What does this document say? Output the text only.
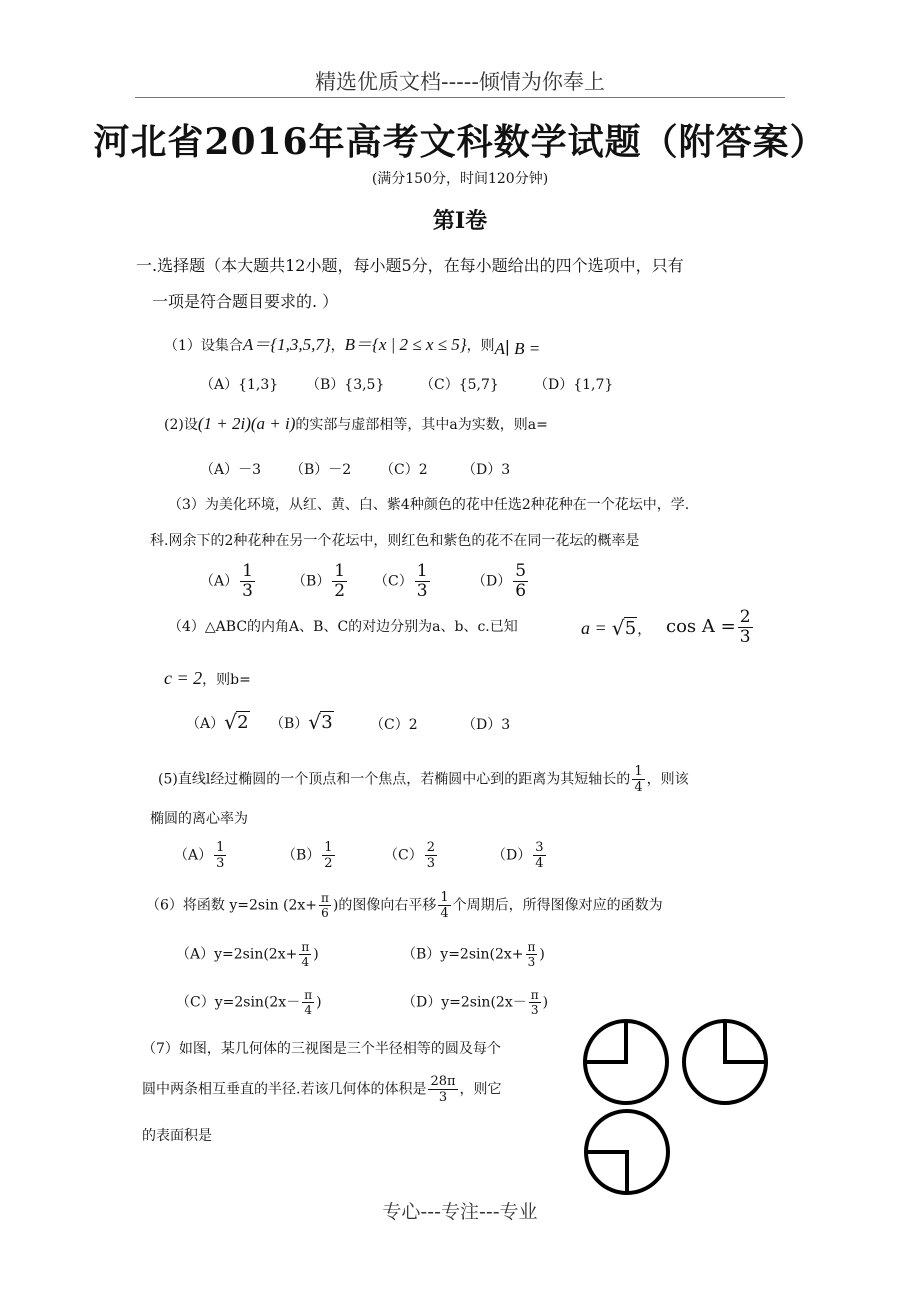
精选优质文档-----倾情为你奉上
河北省2016年高考文科数学试题（附答案）
(满分150分，时间120分钟)
第Ⅰ卷
一.选择题（本大题共12小题，每小题5分，在每小题给出的四个选项中，只有
一项是符合题目要求的. ）
（1）设集合A＝{1,3,5,7}，B＝{x | 2 ≤ x ≤ 5}，则A∣ B =
（A）{1,3} （B）{3,5}	（C）{5,7}	（D）{1,7}
(2)设(1 + 2i)(a + i)的实部与虚部相等，其中a为实数，则a=
（A）－3 （B）－2 （C）2 （D）3
（3）为美化环境，从红、黄、白、紫4种颜色的花中任选2种花种在一个花坛中，学.
科.网余下的2种花种在另一个花坛中，则红色和紫色的花不在同一花坛的概率是
$(A) \frac{1}{3}$	$(B) \frac{1}{2} (C) \frac{1}{3}$	$(D) \frac{5}{6}$
（4）△ABC的内角A、B、C的对边分别为a、b、c.已知	a = √ 5， $\cos A = \frac{2}{3}$
c = 2，则b=
（A） √ 2 （B） √ 3	（C）2	（D）3
(5)直线l经过椭圆的一个顶点和一个焦点，若椭圆中心到的距离为其短轴长的 $\frac{1}{4}$ ，则该
椭圆的离心率为
$(A) \frac{1}{3}$	$(B) \frac{1}{2}$	$(C) \frac{2}{3}$	$(D) \frac{3}{4}$
（6）将函数 y=2sin ($2x+ \frac{\pi}{6}$ )的图像向右平移 $\frac{1}{4}$ 个周期后，所得图像对应的函数为
$(A)y=2\sin(2x+ \frac{\pi}{4}$ )	$(B)y=2\sin(2x+ \frac{\pi}{3}$ )
$(C)y=2\sin(2x- \frac{\pi}{4}$ )	$(D)y=2\sin(2x- \frac{\pi}{3}$ )
（7）如图，某几何体的三视图是三个半径相等的圆及每个
圆中两条相互垂直的半径.若该几何体的体积是 $\frac{28\pi}{3}$ ，则它
的表面积是
专心---专注---专业
